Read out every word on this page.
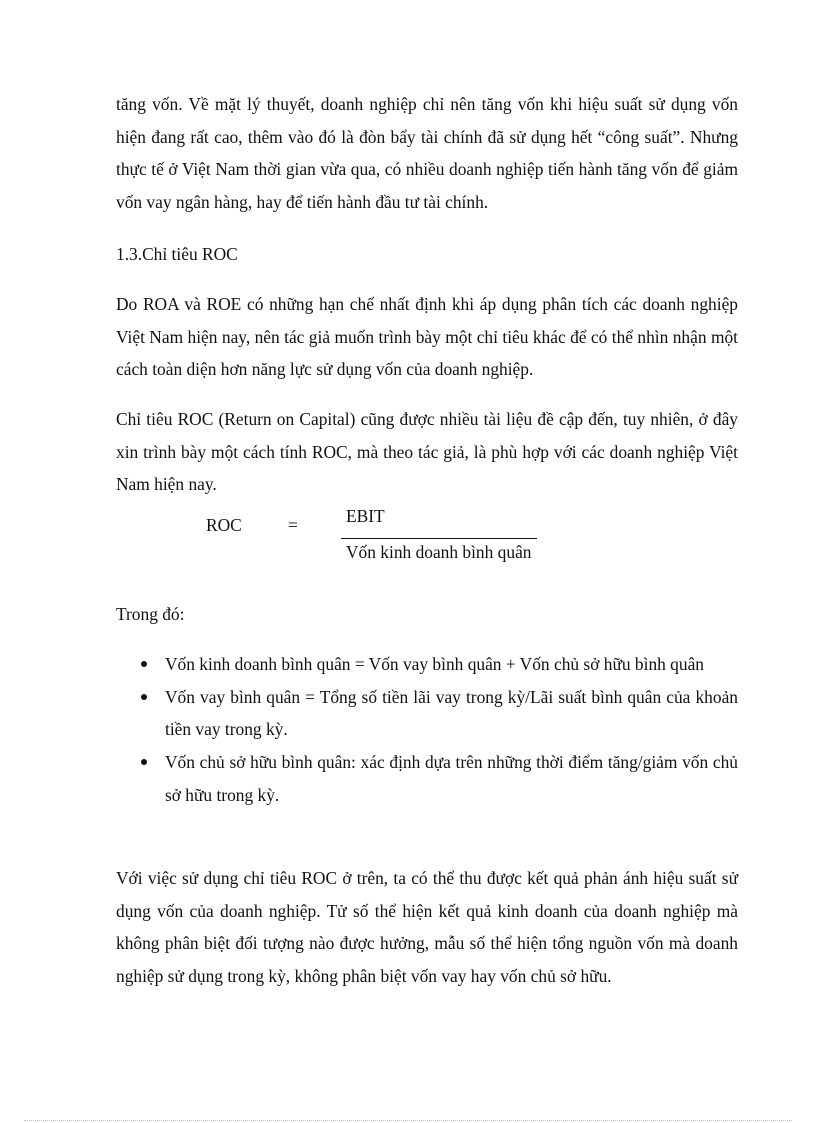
tăng vốn. Về mặt lý thuyết, doanh nghiệp chỉ nên tăng vốn khi hiệu suất sử dụng vốn hiện đang rất cao, thêm vào đó là đòn bẩy tài chính đã sử dụng hết “công suất”. Nhưng thực tế ở Việt Nam thời gian vừa qua, có nhiều doanh nghiệp tiến hành tăng vốn để giảm vốn vay ngân hàng, hay để tiến hành đầu tư tài chính.

1.3.Chỉ tiêu ROC

Do ROA và ROE có những hạn chế nhất định khi áp dụng phân tích các doanh nghiệp Việt Nam hiện nay, nên tác giả muốn trình bày một chỉ tiêu khác để có thể nhìn nhận một cách toàn diện hơn năng lực sử dụng vốn của doanh nghiệp.

Chỉ tiêu ROC (Return on Capital) cũng được nhiều tài liệu đề cập đến, tuy nhiên, ở đây xin trình bày một cách tính ROC, mà theo tác giả, là phù hợp với các doanh nghiệp Việt Nam hiện nay.

ROC	=	EBIT
Vốn kinh doanh bình quân

Trong đó:

Vốn kinh doanh bình quân = Vốn vay bình quân + Vốn chủ sở hữu bình quân
Vốn vay bình quân = Tổng số tiền lãi vay trong kỳ/Lãi suất bình quân của khoản tiền vay trong kỳ.
Vốn chủ sở hữu bình quân: xác định dựa trên những thời điểm tăng/giảm vốn chủ sở hữu trong kỳ.

Với việc sử dụng chỉ tiêu ROC ở trên, ta có thể thu được kết quả phản ánh hiệu suất sử dụng vốn của doanh nghiệp. Tử số thể hiện kết quả kinh doanh của doanh nghiệp mà không phân biệt đối tượng nào được hưởng, mẫu số thể hiện tổng nguồn vốn mà doanh nghiệp sử dụng trong kỳ, không phân biệt vốn vay hay vốn chủ sở hữu.
